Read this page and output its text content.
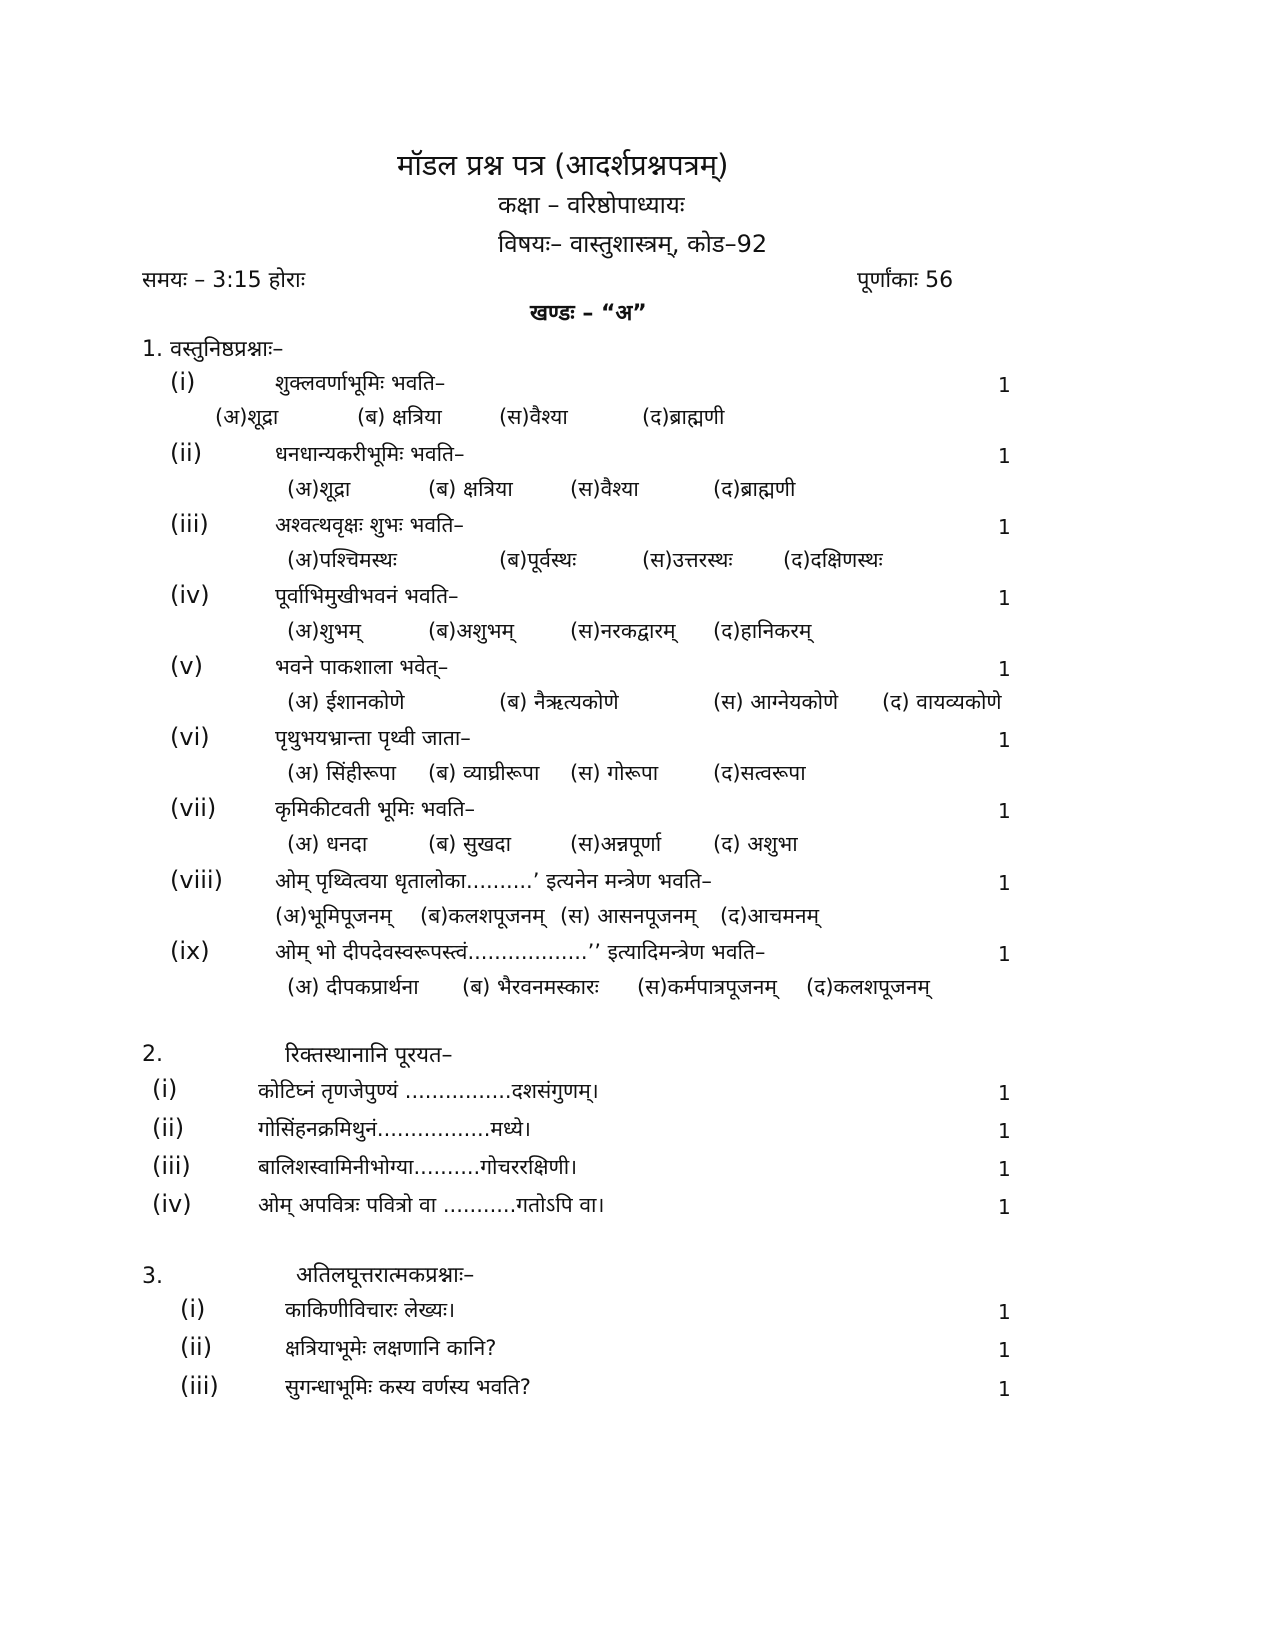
मॉडल प्रश्न पत्र (आदर्शप्रश्नपत्रम्)
कक्षा – वरिष्ठोपाध्यायः
विषयः– वास्तुशास्त्रम्, कोड–92
समयः – 3:15 होराः	पूर्णांकाः 56
खण्डः – “अ”
1. वस्तुनिष्ठप्रश्नाः–
(i)	शुक्लवर्णाभूमिः भवति–	1
(अ)शूद्रा	(ब) क्षत्रिया	(स)वैश्या	(द)ब्राह्मणी
(ii)	धनधान्यकरीभूमिः भवति–	1
(अ)शूद्रा	(ब) क्षत्रिया	(स)वैश्या	(द)ब्राह्मणी
(iii)	अश्वत्थवृक्षः शुभः भवति–	1
(अ)पश्चिमस्थः	(ब)पूर्वस्थः	(स)उत्तरस्थः (द)दक्षिणस्थः
(iv)	पूर्वाभिमुखीभवनं भवति–	1
(अ)शुभम्	(ब)अशुभम्	(स)नरकद्वारम् (द)हानिकरम्
(v)	भवने पाकशाला भवेत्–	1
(अ) ईशानकोणे	(ब) नैऋत्यकोणे	(स) आग्नेयकोणे (द) वायव्यकोणे
(vi)	पृथुभयभ्रान्ता पृथ्वी जाता–	1
(अ) सिंहीरूपा (ब) व्याघ्रीरूपा (स) गोरूपा	(द)सत्वरूपा
(vii)	कृमिकीटवती भूमिः भवति–	1
(अ) धनदा	(ब) सुखदा	(स)अन्नपूर्णा (द) अशुभा
(viii) ओम् पृथ्वित्वया धृतालोका..........’ इत्यनेन मन्त्रेण भवति–	1
(अ)भूमिपूजनम् (ब)कलशपूजनम् (स) आसनपूजनम् (द)आचमनम्
(ix)	ओम् भो दीपदेवस्वरूपस्त्वं..................’’ इत्यादिमन्त्रेण भवति–	1
(अ) दीपकप्रार्थना (ब) भैरवनमस्कारः (स)कर्मपात्रपूजनम् (द)कलशपूजनम्
2.	रिक्तस्थानानि पूरयत–
(i)	कोटिघ्नं तृणजेपुण्यं ................दशसंगुणम्।	1
(ii)	गोसिंहनक्रमिथुनं.................मध्ये।	1
(iii)	बालिशस्वामिनीभोग्या..........गोचररक्षिणी।	1
(iv)	ओम् अपवित्रः पवित्रो वा ...........गतोऽपि वा।	1
3.	अतिलघूत्तरात्मकप्रश्नाः–
(i)	काकिणीविचारः लेख्यः।	1
(ii)	क्षत्रियाभूमेः लक्षणानि कानि?	1
(iii)	सुगन्धाभूमिः कस्य वर्णस्य भवति?	1
